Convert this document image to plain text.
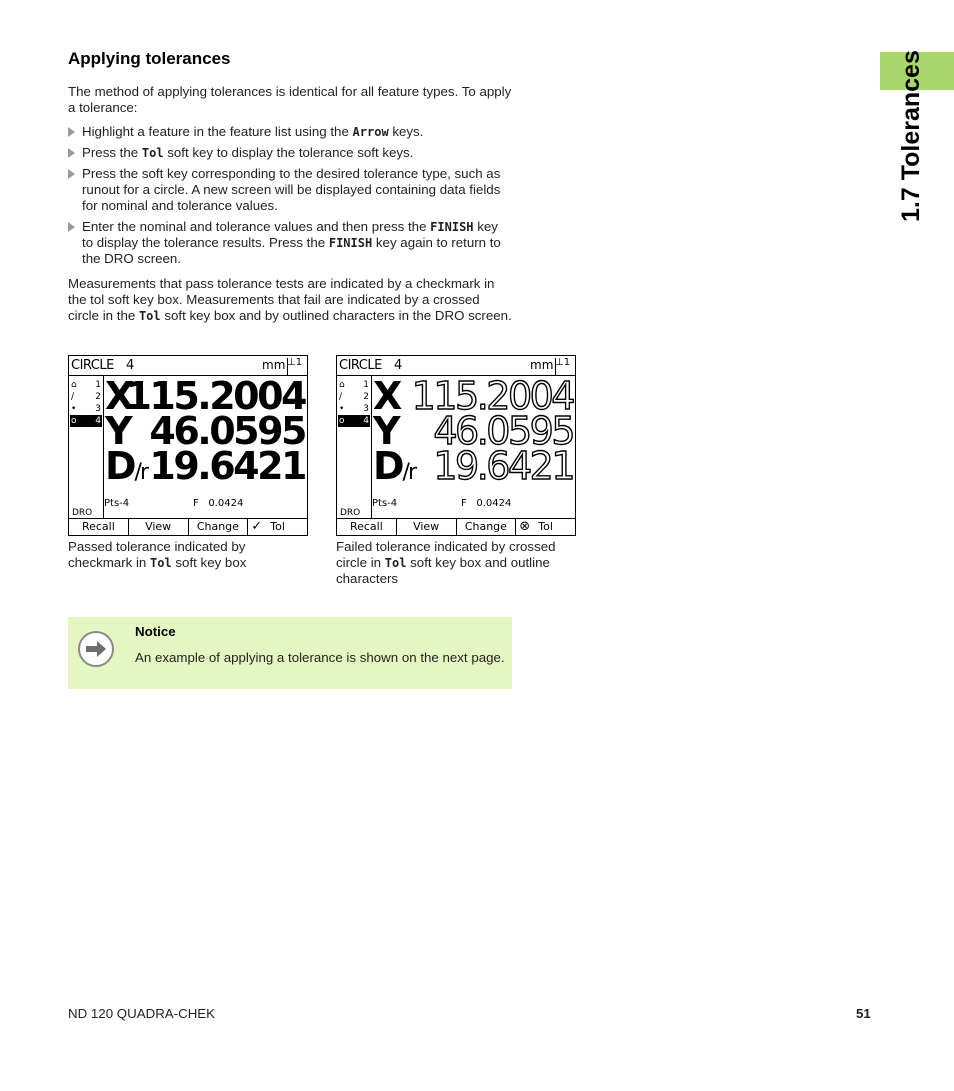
1.7 Tolerances
Applying tolerances

The method of applying tolerances is identical for all feature types. To apply a tolerance:

Highlight a feature in the feature list using the Arrow keys.
Press the Tol soft key to display the tolerance soft keys.
Press the soft key corresponding to the desired tolerance type, such as runout for a circle. A new screen will be displayed containing data fields for nominal and tolerance values.
Enter the nominal and tolerance values and then press the FINISH key to display the tolerance results. Press the FINISH key again to return to the DRO screen.

Measurements that pass tolerance tests are indicated by a checkmark in the tol soft key box. Measurements that fail are indicated by a crossed circle in the Tol soft key box and by outlined characters in the DRO screen.

CIRCLE 4	mm ⊥1
⌂ 1
∕ 2
• 3
o 4
DRO
X
115.2004
Y 46.0595
D/r 19.6421
Pts-4	F 0.0424
Recall	View	Change ✓ Tol
Passed tolerance indicated by checkmark in Tol soft key box
CIRCLE 4	mm ⊥1
⌂ 1
∕ 2
• 3
o 4
DRO
X 115.2004
Y 46.0595
D/r 19.6421
Pts-4	F 0.0424
Recall	View	Change ⊗ Tol
Failed tolerance indicated by crossed circle in Tol soft key box and outline characters
Notice
An example of applying a tolerance is shown on the next page.
ND 120 QUADRA-CHEK	51
